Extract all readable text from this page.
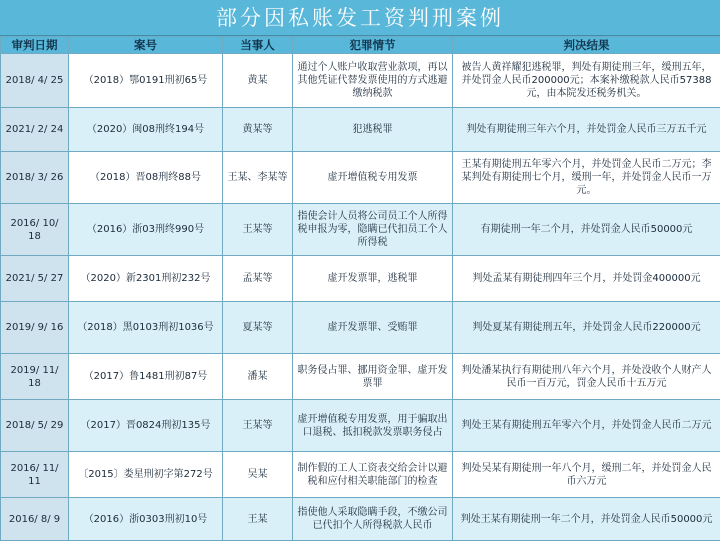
部分因私账发工资判刑案例
审判日期	案号	当事人	犯罪情节	判决结果
2018/ 4/ 25	（2018）鄂0191刑初65号	黄某	通过个人账户收取营业款项，再以其他凭证代替发票使用的方式逃避缴纳税款	被告人黄祥耀犯逃税罪，判处有期徒刑三年，缓刑五年，并处罚金人民币200000元；本案补缴税款人民币57388元，由本院发还税务机关。
2021/ 2/ 24	（2020）闽08刑终194号	黄某等	犯逃税罪	判处有期徒刑三年六个月，并处罚金人民币三万五千元
2018/ 3/ 26	（2018）晋08刑终88号	王某、李某等	虚开增值税专用发票	王某有期徒刑五年零六个月，并处罚金人民币二万元；李某判处有期徒刑七个月，缓刑一年，并处罚金人民币一万元。
2016/ 10/ 18	（2016）浙03刑终990号	王某等	指使会计人员将公司员工个人所得税申报为零，隐瞒已代扣员工个人所得税	有期徒刑一年二个月，并处罚金人民币50000元
2021/ 5/ 27	（2020）新2301刑初232号	孟某等	虚开发票罪，逃税罪	判处孟某有期徒刑四年三个月，并处罚金400000元
2019/ 9/ 16	（2018）黑0103刑初1036号	夏某等	虚开发票罪、受贿罪	判处夏某有期徒刑五年，并处罚金人民币220000元
2019/ 11/ 18	（2017）鲁1481刑初87号	潘某	职务侵占罪、挪用资金罪、虚开发票罪	判处潘某执行有期徒刑八年六个月，并处没收个人财产人民币一百万元，罚金人民币十五万元
2018/ 5/ 29	（2017）晋0824刑初135号	王某等	虚开增值税专用发票，用于骗取出口退税、抵扣税款发票职务侵占	判处王某有期徒刑五年零六个月，并处罚金人民币二万元
2016/ 11/ 11	〔2015〕娄星刑初字第272号	吴某	制作假的工人工资表交给会计以避税和应付相关职能部门的检查	判处吴某有期徒刑一年八个月，缓刑二年，并处罚金人民币六万元
2016/ 8/ 9	（2016）浙0303刑初10号	王某	指使他人采取隐瞒手段，不缴公司已代扣个人所得税款人民币	判处王某有期徒刑一年二个月，并处罚金人民币50000元
